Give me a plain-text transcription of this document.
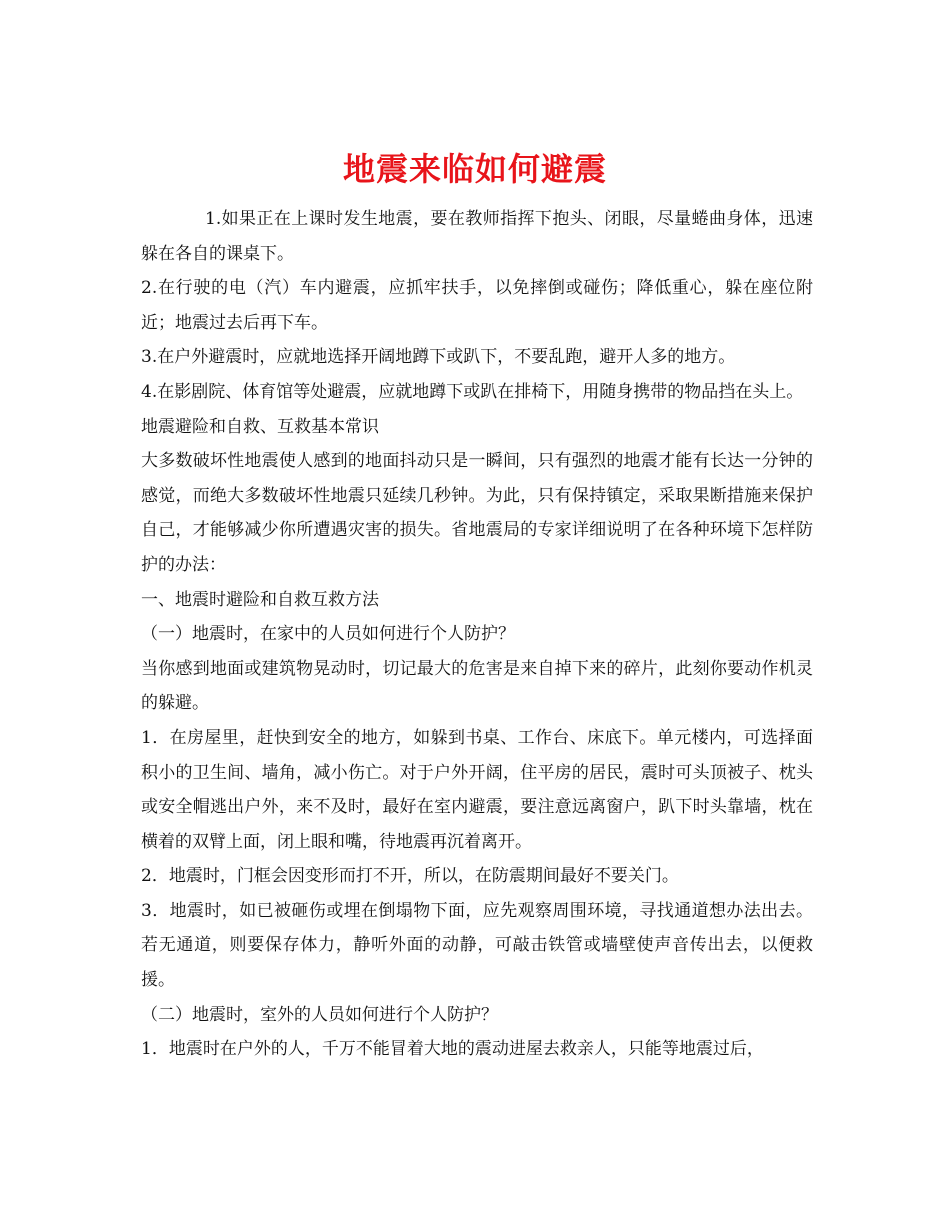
地震来临如何避震

1.如果正在上课时发生地震，要在教师指挥下抱头、闭眼，尽量蜷曲身体，迅速躲在各自的课桌下。

2.在行驶的电（汽）车内避震，应抓牢扶手，以免摔倒或碰伤；降低重心，躲在座位附近；地震过去后再下车。

3.在户外避震时，应就地选择开阔地蹲下或趴下，不要乱跑，避开人多的地方。

4.在影剧院、体育馆等处避震，应就地蹲下或趴在排椅下，用随身携带的物品挡在头上。

地震避险和自救、互救基本常识

大多数破坏性地震使人感到的地面抖动只是一瞬间，只有强烈的地震才能有长达一分钟的感觉，而绝大多数破坏性地震只延续几秒钟。为此，只有保持镇定，采取果断措施来保护自己，才能够减少你所遭遇灾害的损失。省地震局的专家详细说明了在各种环境下怎样防护的办法：

一、地震时避险和自救互救方法

（一）地震时，在家中的人员如何进行个人防护？

当你感到地面或建筑物晃动时，切记最大的危害是来自掉下来的碎片，此刻你要动作机灵的躲避。

1．在房屋里，赶快到安全的地方，如躲到书桌、工作台、床底下。单元楼内，可选择面积小的卫生间、墙角，减小伤亡。对于户外开阔，住平房的居民，震时可头顶被子、枕头或安全帽逃出户外，来不及时，最好在室内避震，要注意远离窗户，趴下时头靠墙，枕在横着的双臂上面，闭上眼和嘴，待地震再沉着离开。

2．地震时，门框会因变形而打不开，所以，在防震期间最好不要关门。

3．地震时，如已被砸伤或埋在倒塌物下面，应先观察周围环境，寻找通道想办法出去。若无通道，则要保存体力，静听外面的动静，可敲击铁管或墙壁使声音传出去，以便救援。

（二）地震时，室外的人员如何进行个人防护？

1．地震时在户外的人，千万不能冒着大地的震动进屋去救亲人，只能等地震过后，
